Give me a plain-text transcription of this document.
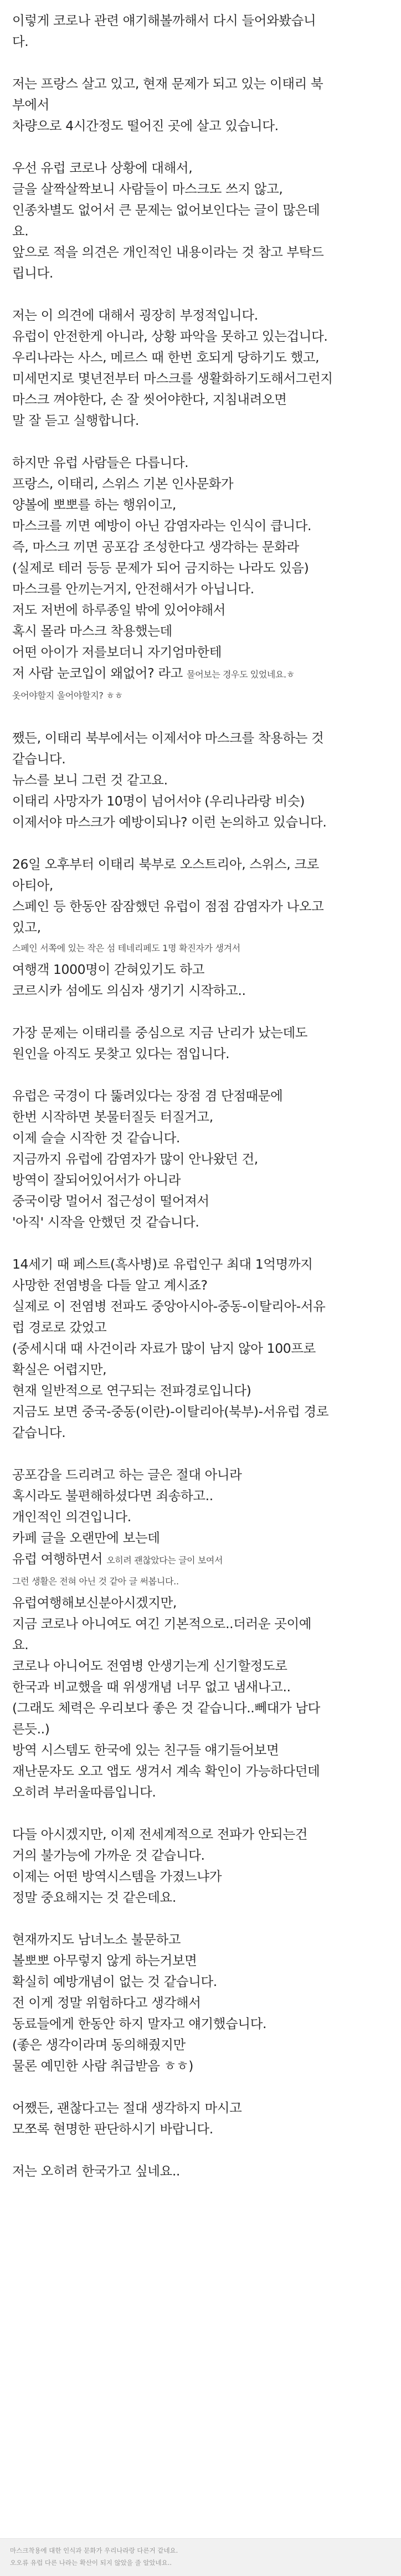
이렇게 코로나 관련 얘기해볼까해서 다시 들어와봤습니
다.
저는 프랑스 살고 있고, 현재 문제가 되고 있는 이태리 북
부에서
차량으로 4시간정도 떨어진 곳에 살고 있습니다.
우선 유럽 코로나 상황에 대해서,
글을 살짝살짝보니 사람들이 마스크도 쓰지 않고,
인종차별도 없어서 큰 문제는 없어보인다는 글이 많은데
요.
앞으로 적을 의견은 개인적인 내용이라는 것 참고 부탁드
립니다.
저는 이 의견에 대해서 굉장히 부정적입니다.
유럽이 안전한게 아니라, 상황 파악을 못하고 있는겁니다.
우리나라는 사스, 메르스 때 한번 호되게 당하기도 했고,
미세먼지로 몇년전부터 마스크를 생활화하기도해서그런지
마스크 껴야한다, 손 잘 씻어야한다, 지침내려오면
말 잘 듣고 실행합니다.
하지만 유럽 사람들은 다릅니다.
프랑스, 이태리, 스위스 기본 인사문화가
양볼에 뽀뽀를 하는 행위이고,
마스크를 끼면 예방이 아닌 감염자라는 인식이 큽니다.
즉, 마스크 끼면 공포감 조성한다고 생각하는 문화라
(실제로 테러 등등 문제가 되어 금지하는 나라도 있음)
마스크를 안끼는거지, 안전해서가 아닙니다.
저도 저번에 하루종일 밖에 있어야해서
혹시 몰라 마스크 착용했는데
어떤 아이가 저를보더니 자기엄마한테
저 사람 눈코입이 왜없어? 라고 물어보는 경우도 있었네요.ㅎ
옷어야할지 울어야할지? ㅎㅎ
쨌든, 이태리 북부에서는 이제서야 마스크를 착용하는 것
같습니다.
뉴스를 보니 그런 것 같고요.
이태리 사망자가 10명이 넘어서야 (우리나라랑 비슷)
이제서야 마스크가 예방이되나? 이런 논의하고 있습니다.
26일 오후부터 이태리 북부로 오스트리아, 스위스, 크로
아티아,
스페인 등 한동안 잠잠했던 유럽이 점점 감염자가 나오고
있고,
스페인 서쪽에 있는 작은 섬 테네리페도 1명 확진자가 생겨서
여행객 1000명이 갇혀있기도 하고
코르시카 섬에도 의심자 생기기 시작하고..
가장 문제는 이태리를 중심으로 지금 난리가 났는데도
원인을 아직도 못찾고 있다는 점입니다.
유럽은 국경이 다 뚫려있다는 장점 겸 단점때문에
한번 시작하면 봇물터질듯 터질거고,
이제 슬슬 시작한 것 같습니다.
지금까지 유럽에 감염자가 많이 안나왔던 건,
방역이 잘되어있어서가 아니라
중국이랑 멀어서 접근성이 떨어져서
'아직' 시작을 안했던 것 같습니다.
14세기 때 페스트(흑사병)로 유럽인구 최대 1억명까지
사망한 전염병을 다들 알고 계시죠?
실제로 이 전염병 전파도 중앙아시아-중동-이탈리아-서유
럽 경로로 갔었고
(중세시대 때 사건이라 자료가 많이 남지 않아 100프로
확실은 어렵지만,
현재 일반적으로 연구되는 전파경로입니다)
지금도 보면 중국-중동(이란)-이탈리아(북부)-서유럽 경로
같습니다.
공포감을 드리려고 하는 글은 절대 아니라
혹시라도 불편해하셨다면 죄송하고..
개인적인 의견입니다.
카페 글을 오랜만에 보는데
유럽 여행하면서 오히려 괜찮았다는 글이 보여서
그런 생활은 전혀 아닌 것 같아 글 써봅니다..
유럽여행해보신분아시겠지만,
지금 코로나 아니여도 여긴 기본적으로..더러운 곳이예
요.
코로나 아니어도 전염병 안생기는게 신기할정도로
한국과 비교했을 때 위생개념 너무 없고 냄새나고..
(그래도 체력은 우리보다 좋은 것 같습니다..뻬대가 남다
른듯..)
방역 시스템도 한국에 있는 친구들 얘기들어보면
재난문자도 오고 앱도 생겨서 계속 확인이 가능하다던데
오히려 부러울따름입니다.
다들 아시겠지만, 이제 전세계적으로 전파가 안되는건
거의 불가능에 가까운 것 같습니다.
이제는 어떤 방역시스템을 가졌느냐가
정말 중요해지는 것 같은데요.
현재까지도 남녀노소 불문하고
볼뽀뽀 아무렇지 않게 하는거보면
확실히 예방개념이 없는 것 같습니다.
전 이게 정말 위험하다고 생각해서
동료들에게 한동안 하지 말자고 얘기했습니다.
(좋은 생각이라며 동의해줬지만
물론 예민한 사람 취급받음 ㅎㅎ)
어쨌든, 괜찮다고는 절대 생각하지 마시고
모쪼록 현명한 판단하시기 바랍니다.
저는 오히려 한국가고 싶네요..
마스크착용에 대한 인식과 문화가 우리나라랑 다른거 같네요.
오오류 유럽 다른 나라는 확산이 되지 않았을 줄 알았네요..
